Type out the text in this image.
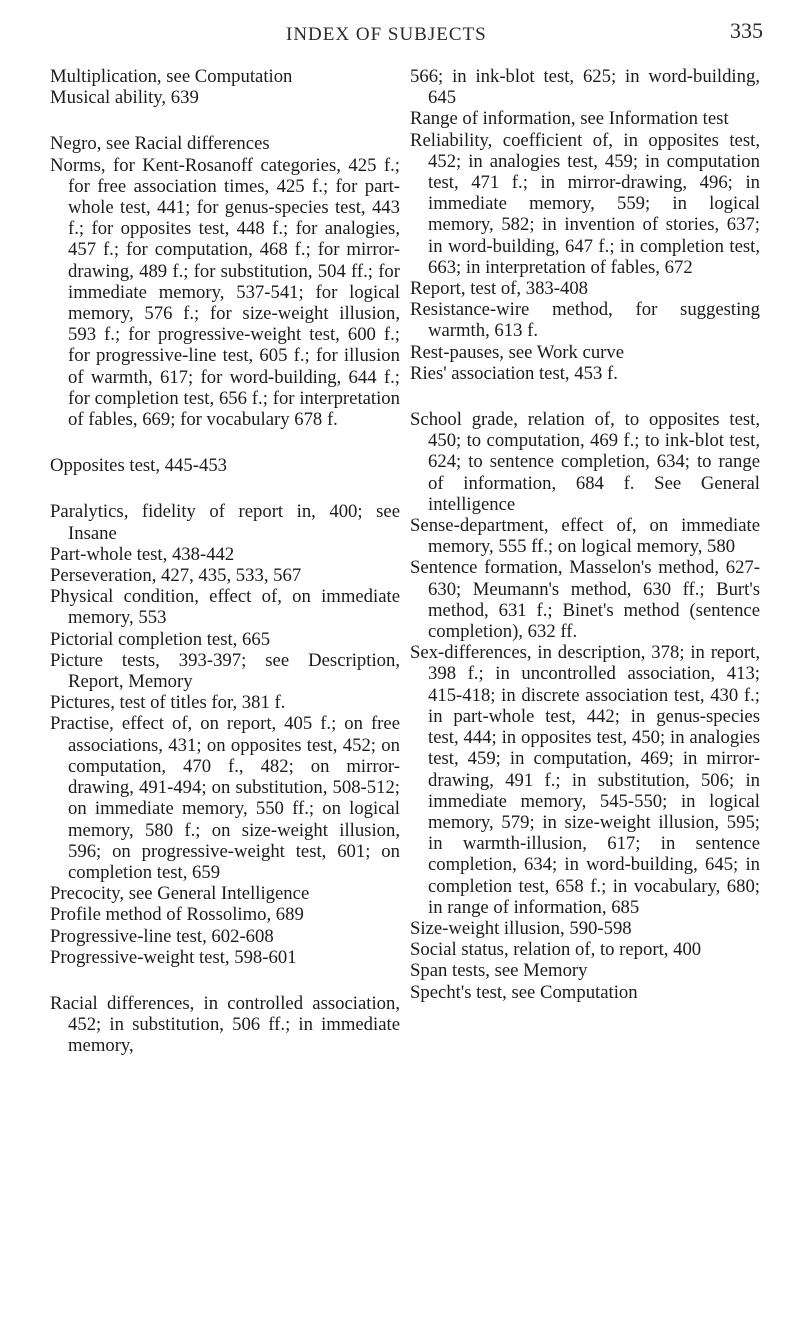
INDEX OF SUBJECTS	335

Multiplication, see Computation

Musical ability, 639

Negro, see Racial differences

Norms, for Kent-Rosanoff categories, 425 f.; for free association times, 425 f.; for part-whole test, 441; for genus-species test, 443 f.; for opposites test, 448 f.; for analogies, 457 f.; for computation, 468 f.; for mirror-drawing, 489 f.; for substitution, 504 ff.; for immediate memory, 537-541; for logical memory, 576 f.; for size-weight illusion, 593 f.; for progressive-weight test, 600 f.; for progressive-line test, 605 f.; for illusion of warmth, 617; for word-building, 644 f.; for completion test, 656 f.; for interpretation of fables, 669; for vocabulary 678 f.

Opposites test, 445-453

Paralytics, fidelity of report in, 400; see Insane

Part-whole test, 438-442

Perseveration, 427, 435, 533, 567

Physical condition, effect of, on immediate memory, 553

Pictorial completion test, 665

Picture tests, 393-397; see Description, Report, Memory

Pictures, test of titles for, 381 f.

Practise, effect of, on report, 405 f.; on free associations, 431; on opposites test, 452; on computation, 470 f., 482; on mirror-drawing, 491-494; on substitution, 508-512; on immediate memory, 550 ff.; on logical memory, 580 f.; on size-weight illusion, 596; on progressive-weight test, 601; on completion test, 659

Precocity, see General Intelligence

Profile method of Rossolimo, 689

Progressive-line test, 602-608

Progressive-weight test, 598-601

Racial differences, in controlled association, 452; in substitution, 506 ff.; in immediate memory,

566; in ink-blot test, 625; in word-building, 645

Range of information, see Information test

Reliability, coefficient of, in opposites test, 452; in analogies test, 459; in computation test, 471 f.; in mirror-drawing, 496; in immediate memory, 559; in logical memory, 582; in invention of stories, 637; in word-building, 647 f.; in completion test, 663; in interpretation of fables, 672

Report, test of, 383-408

Resistance-wire method, for suggesting warmth, 613 f.

Rest-pauses, see Work curve

Ries' association test, 453 f.

School grade, relation of, to opposites test, 450; to computation, 469 f.; to ink-blot test, 624; to sentence completion, 634; to range of information, 684 f. See General intelligence

Sense-department, effect of, on immediate memory, 555 ff.; on logical memory, 580

Sentence formation, Masselon's method, 627-630; Meumann's method, 630 ff.; Burt's method, 631 f.; Binet's method (sentence completion), 632 ff.

Sex-differences, in description, 378; in report, 398 f.; in uncontrolled association, 413; 415-418; in discrete association test, 430 f.; in part-whole test, 442; in genus-species test, 444; in opposites test, 450; in analogies test, 459; in computation, 469; in mirror-drawing, 491 f.; in substitution, 506; in immediate memory, 545-550; in logical memory, 579; in size-weight illusion, 595; in warmth-illusion, 617; in sentence completion, 634; in word-building, 645; in completion test, 658 f.; in vocabulary, 680; in range of information, 685

Size-weight illusion, 590-598

Social status, relation of, to report, 400

Span tests, see Memory

Specht's test, see Computation
